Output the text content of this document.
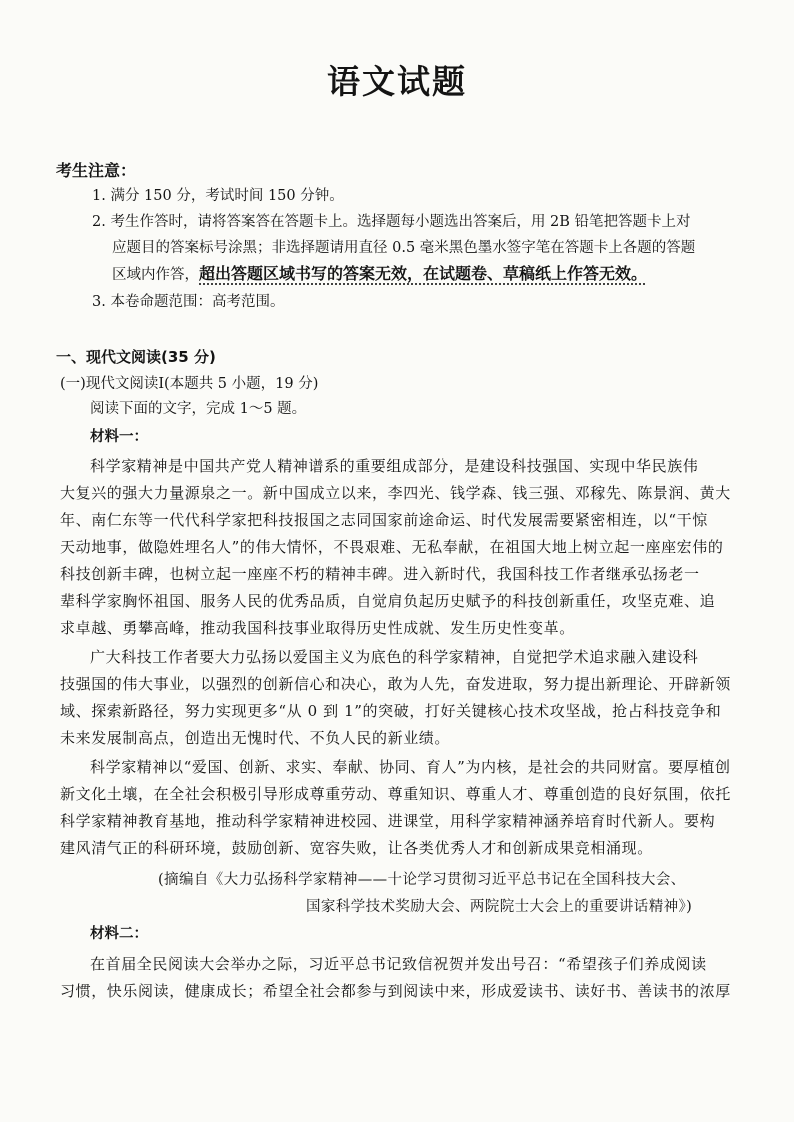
语文试题
考生注意：
1. 满分 150 分，考试时间 150 分钟。
2. 考生作答时，请将答案答在答题卡上。选择题每小题选出答案后，用 2B 铅笔把答题卡上对
应题目的答案标号涂黑；非选择题请用直径 0.5 毫米黑色墨水签字笔在答题卡上各题的答题
区域内作答，超出答题区域书写的答案无效，在试题卷、草稿纸上作答无效。
3. 本卷命题范围：高考范围。
一、现代文阅读(35 分)
(一)现代文阅读Ⅰ(本题共 5 小题，19 分)
阅读下面的文字，完成 1～5 题。
材料一：
科学家精神是中国共产党人精神谱系的重要组成部分，是建设科技强国、实现中华民族伟
大复兴的强大力量源泉之一。新中国成立以来，李四光、钱学森、钱三强、邓稼先、陈景润、黄大
年、南仁东等一代代科学家把科技报国之志同国家前途命运、时代发展需要紧密相连，以“干惊
天动地事，做隐姓埋名人”的伟大情怀，不畏艰难、无私奉献，在祖国大地上树立起一座座宏伟的
科技创新丰碑，也树立起一座座不朽的精神丰碑。进入新时代，我国科技工作者继承弘扬老一
辈科学家胸怀祖国、服务人民的优秀品质，自觉肩负起历史赋予的科技创新重任，攻坚克难、追
求卓越、勇攀高峰，推动我国科技事业取得历史性成就、发生历史性变革。
广大科技工作者要大力弘扬以爱国主义为底色的科学家精神，自觉把学术追求融入建设科
技强国的伟大事业，以强烈的创新信心和决心，敢为人先，奋发进取，努力提出新理论、开辟新领
域、探索新路径，努力实现更多“从 0 到 1”的突破，打好关键核心技术攻坚战，抢占科技竞争和
未来发展制高点，创造出无愧时代、不负人民的新业绩。
科学家精神以“爱国、创新、求实、奉献、协同、育人”为内核，是社会的共同财富。要厚植创
新文化土壤，在全社会积极引导形成尊重劳动、尊重知识、尊重人才、尊重创造的良好氛围，依托
科学家精神教育基地，推动科学家精神进校园、进课堂，用科学家精神涵养培育时代新人。要构
建风清气正的科研环境，鼓励创新、宽容失败，让各类优秀人才和创新成果竞相涌现。
(摘编自《大力弘扬科学家精神——十论学习贯彻习近平总书记在全国科技大会、
国家科学技术奖励大会、两院院士大会上的重要讲话精神》)
材料二：
在首届全民阅读大会举办之际，习近平总书记致信祝贺并发出号召：“希望孩子们养成阅读
习惯，快乐阅读，健康成长；希望全社会都参与到阅读中来，形成爱读书、读好书、善读书的浓厚
